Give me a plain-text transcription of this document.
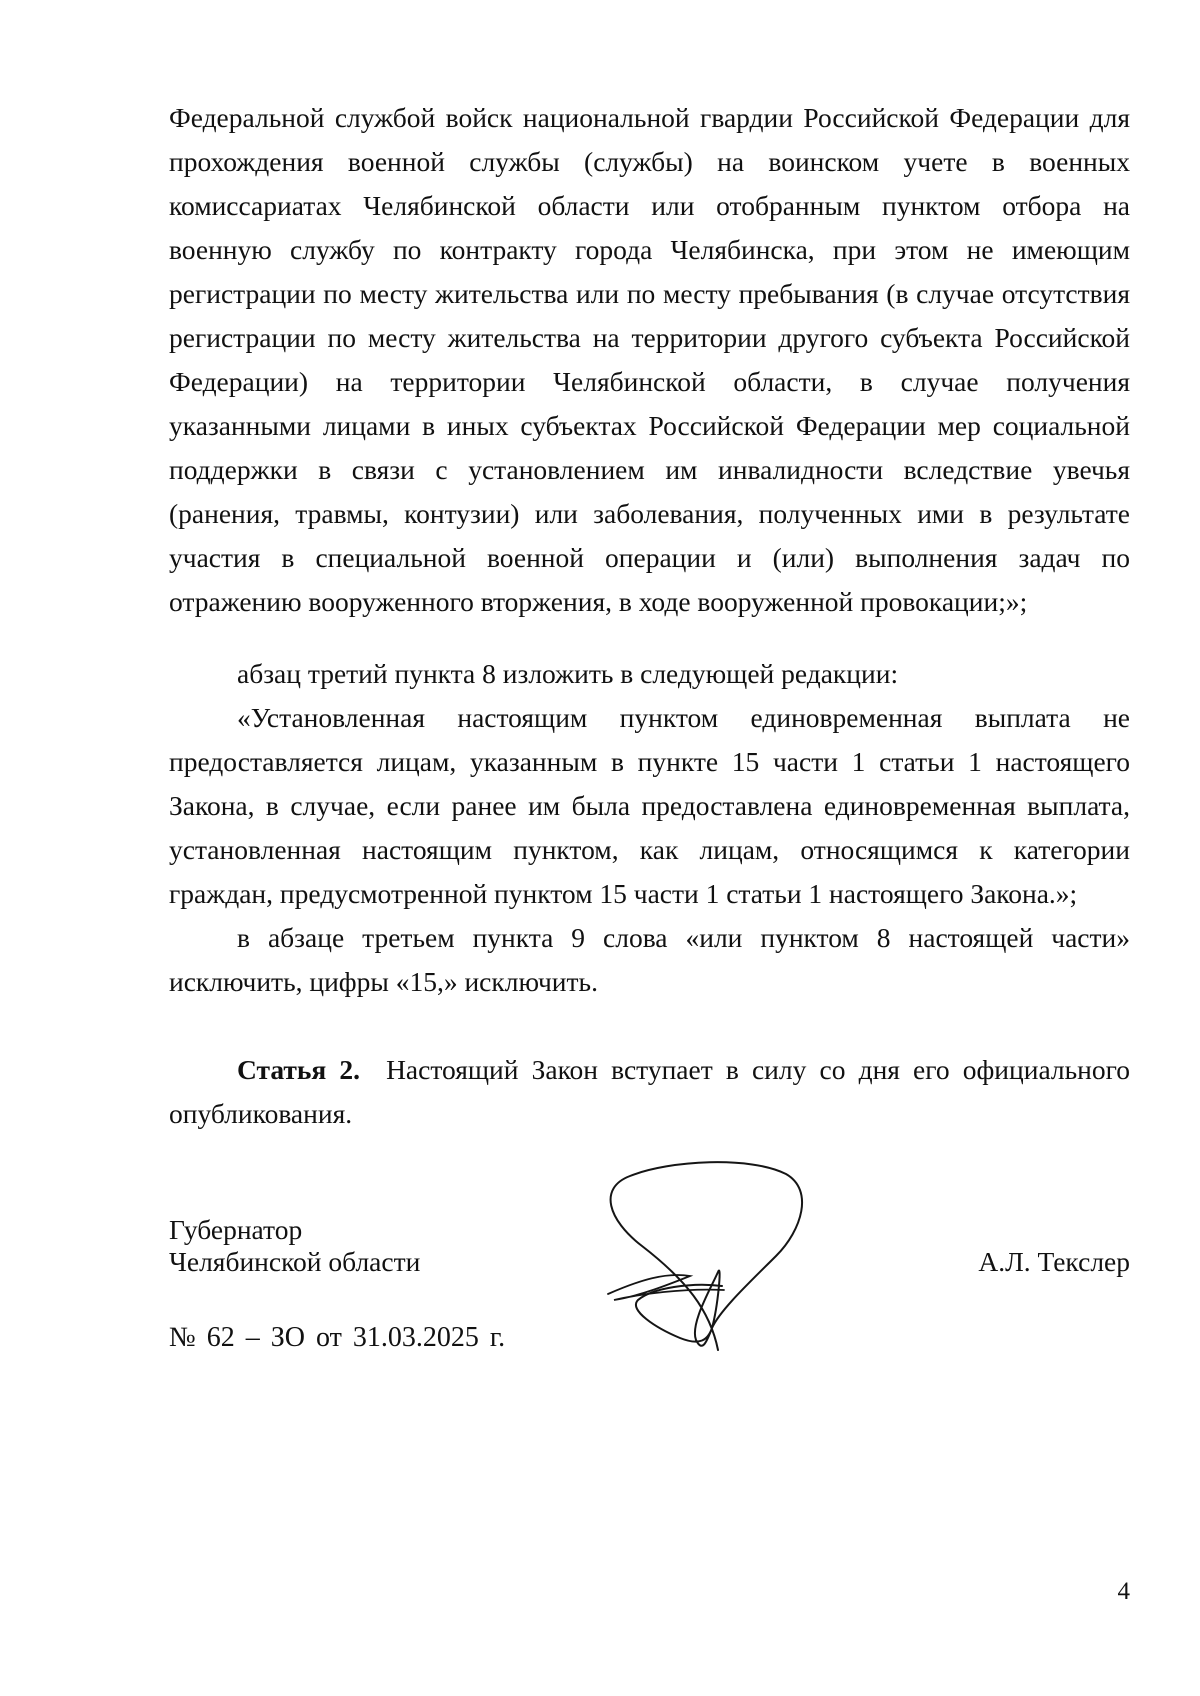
Федеральной службой войск национальной гвардии Российской Федерации для прохождения военной службы (службы) на воинском учете в военных комиссариатах Челябинской области или отобранным пунктом отбора на военную службу по контракту города Челябинска, при этом не имеющим регистрации по месту жительства или по месту пребывания (в случае отсутствия регистрации по месту жительства на территории другого субъекта Российской Федерации) на территории Челябинской области, в случае получения указанными лицами в иных субъектах Российской Федерации мер социальной поддержки в связи с установлением им инвалидности вследствие увечья (ранения, травмы, контузии) или заболевания, полученных ими в результате участия в специальной военной операции и (или) выполнения задач по отражению вооруженного вторжения, в ходе вооруженной провокации;»;

абзац третий пункта 8 изложить в следующей редакции:

«Установленная настоящим пунктом единовременная выплата не предоставляется лицам, указанным в пункте 15 части 1 статьи 1 настоящего Закона, в случае, если ранее им была предоставлена единовременная выплата, установленная настоящим пунктом, как лицам, относящимся к категории граждан, предусмотренной пунктом 15 части 1 статьи 1 настоящего Закона.»;

в абзаце третьем пункта 9 слова «или пунктом 8 настоящей части» исключить, цифры «15,» исключить.

Статья 2. Настоящий Закон вступает в силу со дня его официального опубликования.

Губернатор
Челябинской области	А.Л. Текслер
№ 62 – ЗО от 31.03.2025 г.
4
